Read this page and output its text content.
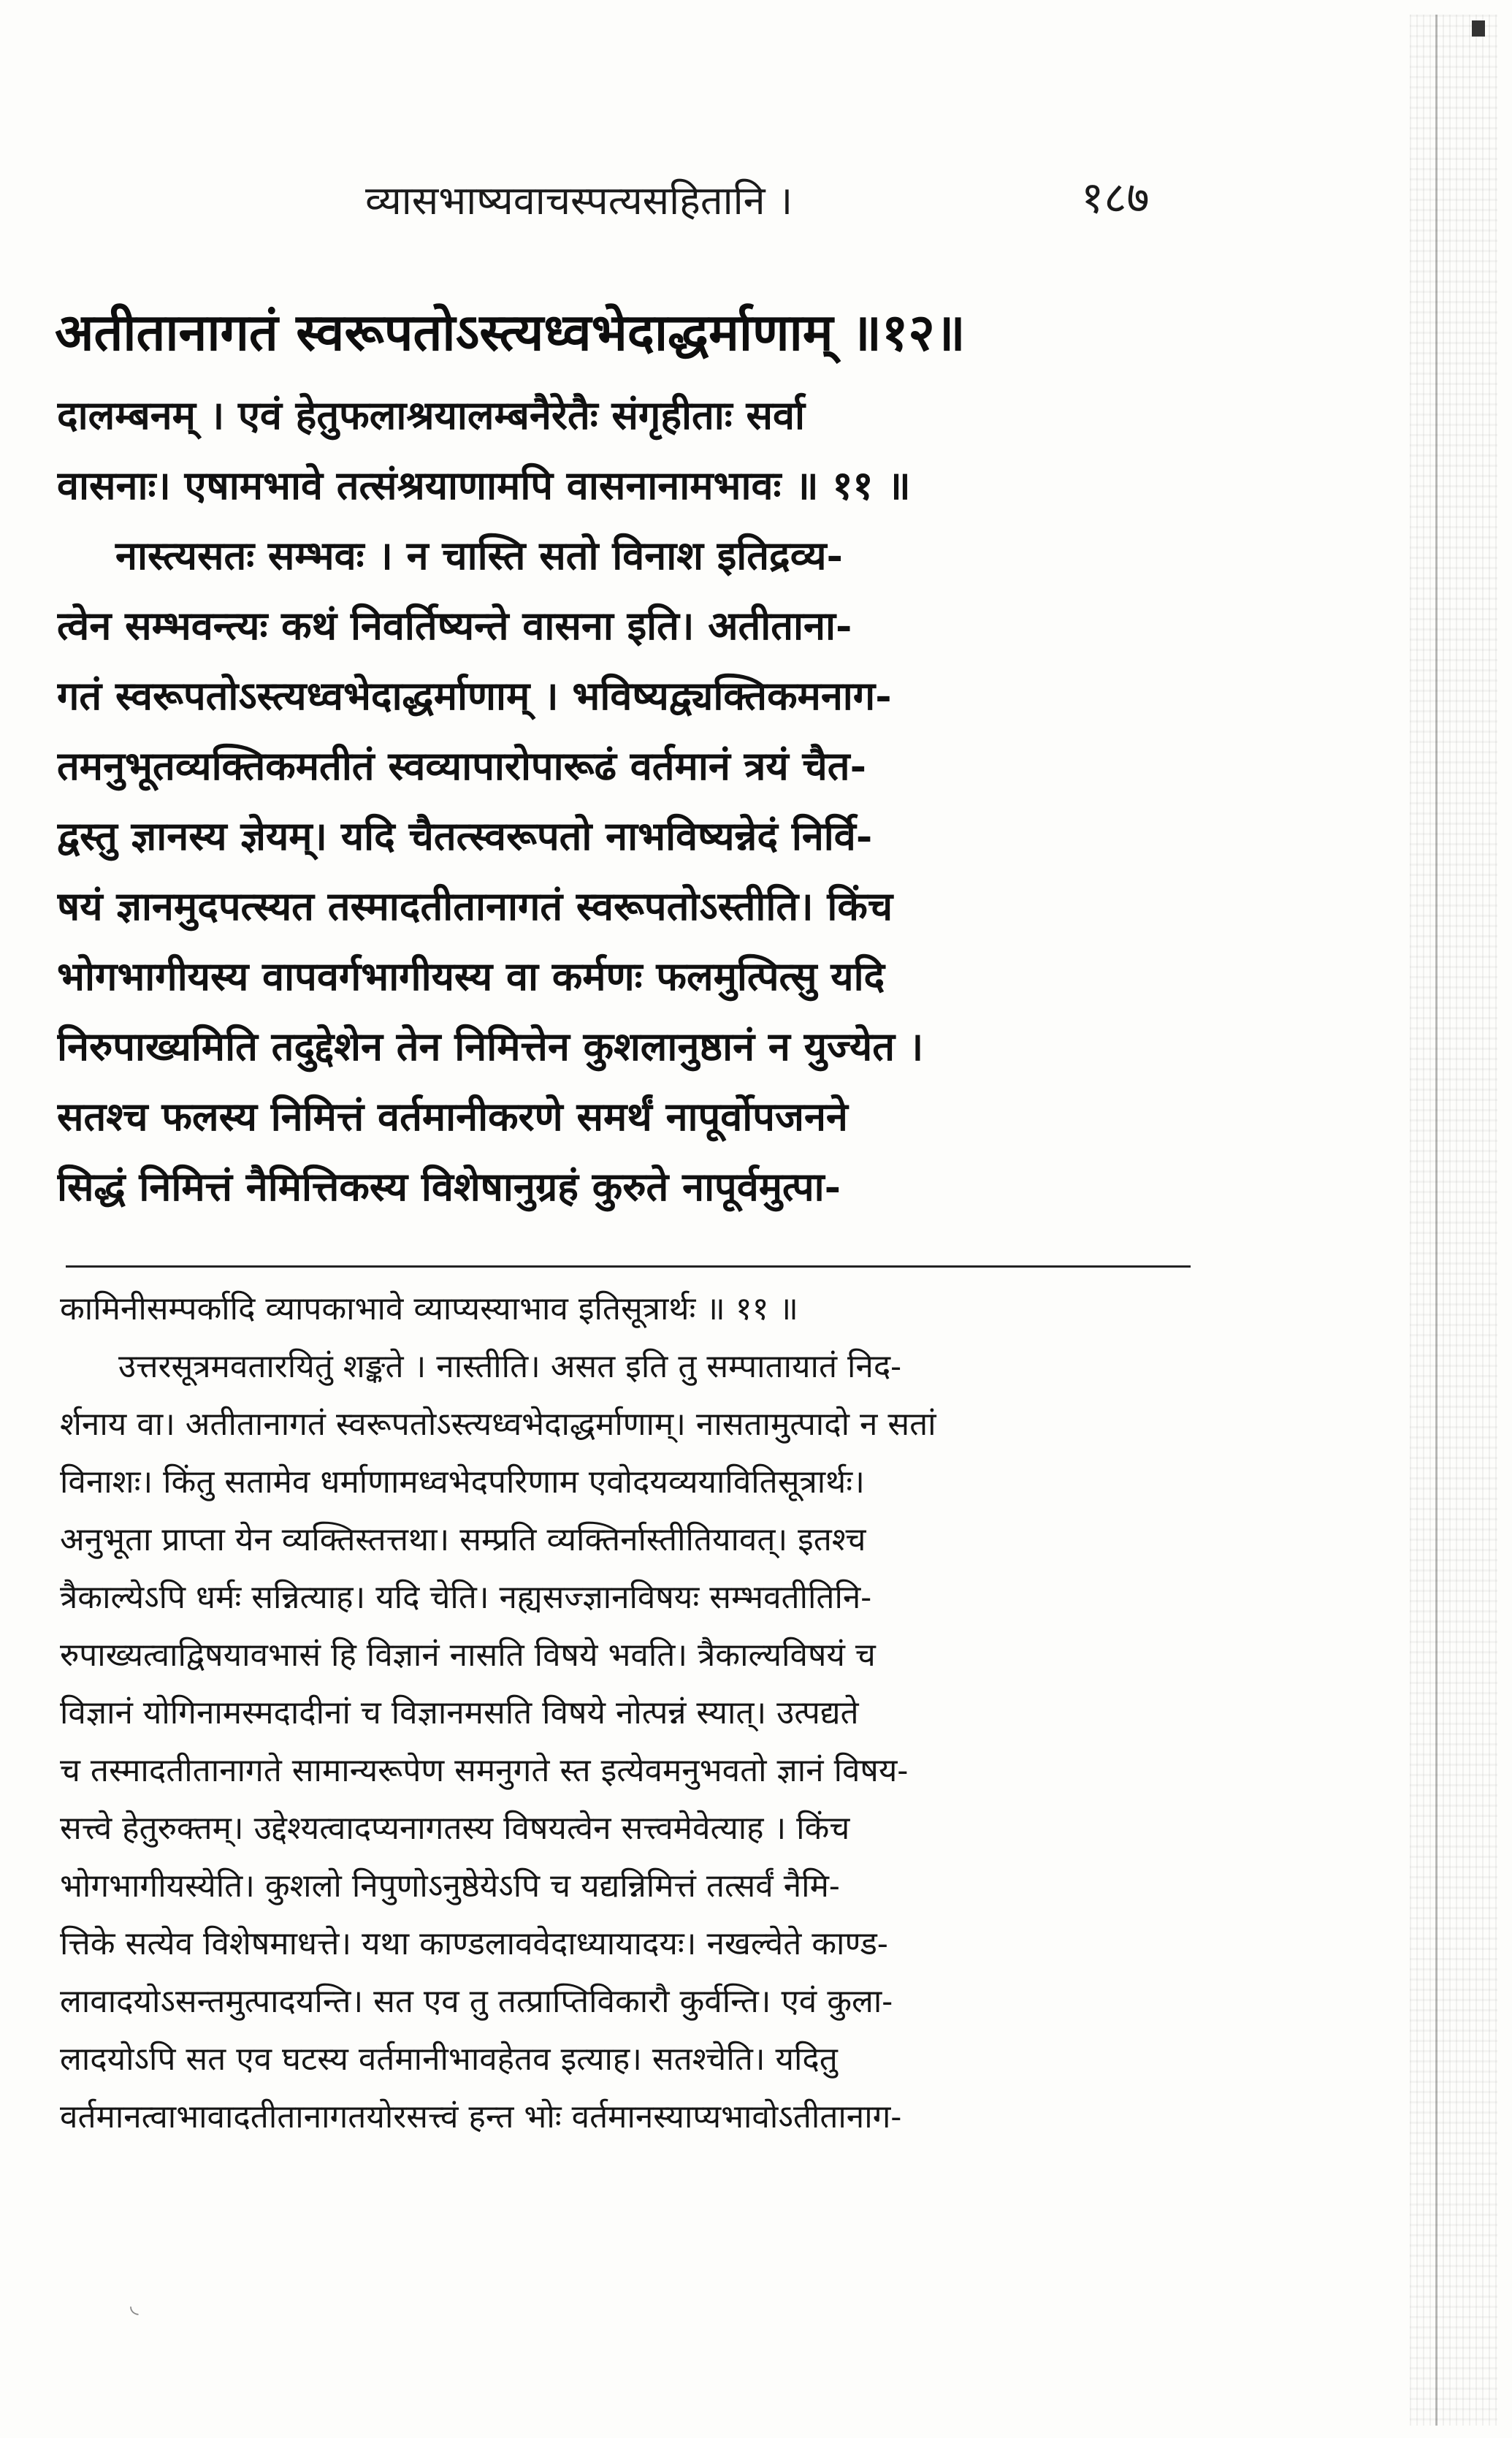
व्यासभाष्यवाचस्पत्यसहितानि ।	१८७
अतीतानागतं स्वरूपतोऽस्त्यध्वभेदाद्धर्माणाम् ॥१२॥
दालम्बनम् । एवं हेतुफलाश्रयालम्बनैरेतैः संगृहीताः सर्वा
वासनाः। एषामभावे तत्संश्रयाणामपि वासनानामभावः ॥ ११ ॥
नास्त्यसतः सम्भवः । न चास्ति सतो विनाश इतिद्रव्य-
त्वेन सम्भवन्त्यः कथं निवर्तिष्यन्ते वासना इति। अतीताना-
गतं स्वरूपतोऽस्त्यध्वभेदाद्धर्माणाम् । भविष्यद्व्यक्तिकमनाग-
तमनुभूतव्यक्तिकमतीतं स्वव्यापारोपारूढं वर्तमानं त्रयं चैत-
द्वस्तु ज्ञानस्य ज्ञेयम्। यदि चैतत्स्वरूपतो नाभविष्यन्नेदं निर्वि-
षयं ज्ञानमुदपत्स्यत तस्मादतीतानागतं स्वरूपतोऽस्तीति। किंच
भोगभागीयस्य वापवर्गभागीयस्य वा कर्मणः फलमुत्पित्सु यदि
निरुपाख्यमिति तदुद्देशेन तेन निमित्तेन कुशलानुष्ठानं न युज्येत ।
सतश्च फलस्य निमित्तं वर्तमानीकरणे समर्थं नापूर्वोपजनने
सिद्धं निमित्तं नैमित्तिकस्य विशेषानुग्रहं कुरुते नापूर्वमुत्पा-
कामिनीसम्पर्कादि व्यापकाभावे व्याप्यस्याभाव इतिसूत्रार्थः ॥ ११ ॥
उत्तरसूत्रमवतारयितुं शङ्कते । नास्तीति। असत इति तु सम्पातायातं निद-
र्शनाय वा। अतीतानागतं स्वरूपतोऽस्त्यध्वभेदाद्धर्माणाम्। नासतामुत्पादो न सतां
विनाशः। किंतु सतामेव धर्माणामध्वभेदपरिणाम एवोदयव्ययावितिसूत्रार्थः।
अनुभूता प्राप्ता येन व्यक्तिस्तत्तथा। सम्प्रति व्यक्तिर्नास्तीतियावत्। इतश्च
त्रैकाल्येऽपि धर्मः सन्नित्याह। यदि चेति। नह्यसज्ज्ञानविषयः सम्भवतीतिनि-
रुपाख्यत्वाद्विषयावभासं हि विज्ञानं नासति विषये भवति। त्रैकाल्यविषयं च
विज्ञानं योगिनामस्मदादीनां च विज्ञानमसति विषये नोत्पन्नं स्यात्। उत्पद्यते
च तस्मादतीतानागते सामान्यरूपेण समनुगते स्त इत्येवमनुभवतो ज्ञानं विषय-
सत्त्वे हेतुरुक्तम्। उद्देश्यत्वादप्यनागतस्य विषयत्वेन सत्त्वमेवेत्याह । किंच
भोगभागीयस्येति। कुशलो निपुणोऽनुष्ठेयेऽपि च यद्यन्निमित्तं तत्सर्वं नैमि-
त्तिके सत्येव विशेषमाधत्ते। यथा काण्डलाववेदाध्यायादयः। नखल्वेते काण्ड-
लावादयोऽसन्तमुत्पादयन्ति। सत एव तु तत्प्राप्तिविकारौ कुर्वन्ति। एवं कुला-
लादयोऽपि सत एव घटस्य वर्तमानीभावहेतव इत्याह। सतश्चेति। यदितु
वर्तमानत्वाभावादतीतानागतयोरसत्त्वं हन्त भोः वर्तमानस्याप्यभावोऽतीतानाग-
◟
